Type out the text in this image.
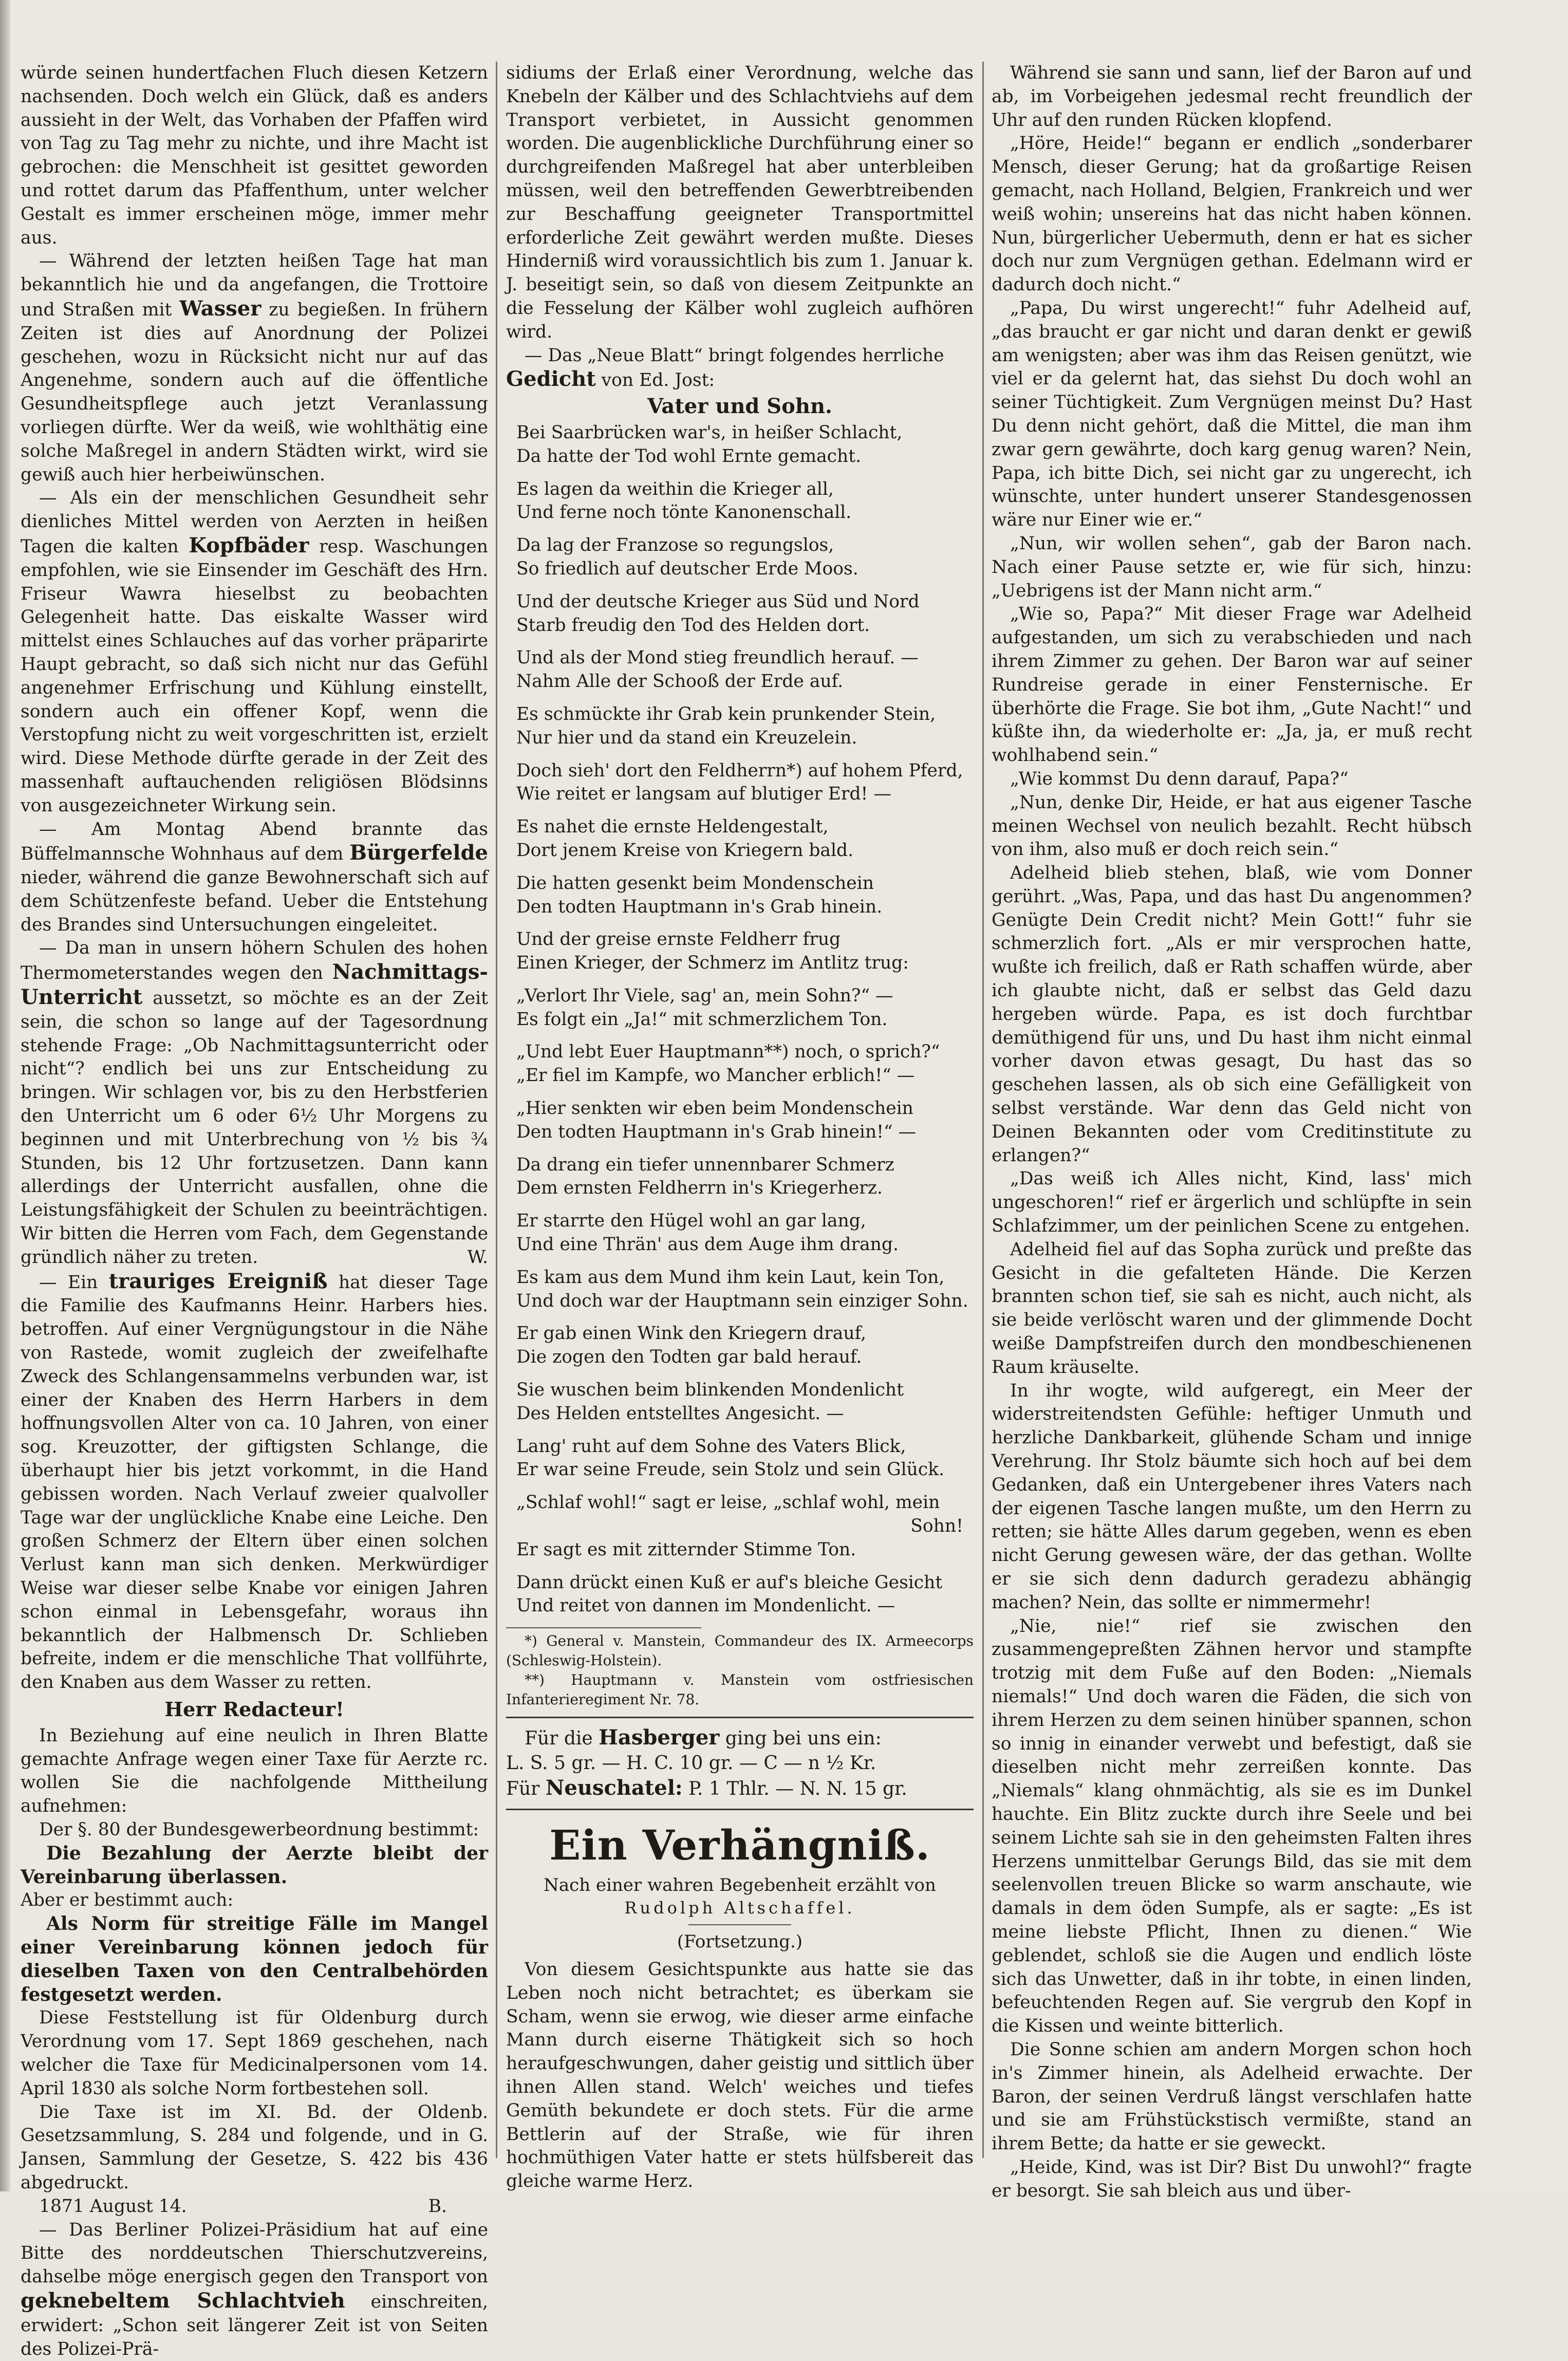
würde seinen hundertfachen Fluch diesen Ketzern nachsenden. Doch welch ein Glück, daß es anders aussieht in der Welt, das Vorhaben der Pfaffen wird von Tag zu Tag mehr zu nichte, und ihre Macht ist gebrochen: die Menschheit ist gesittet geworden und rottet darum das Pfaffenthum, unter welcher Gestalt es immer erscheinen möge, immer mehr aus.

— Während der letzten heißen Tage hat man bekanntlich hie und da angefangen, die Trottoire und Straßen mit Wasser zu begießen. In frühern Zeiten ist dies auf Anordnung der Polizei geschehen, wozu in Rücksicht nicht nur auf das Angenehme, sondern auch auf die öffentliche Gesundheitspflege auch jetzt Veranlassung vorliegen dürfte. Wer da weiß, wie wohlthätig eine solche Maßregel in andern Städten wirkt, wird sie gewiß auch hier herbeiwünschen.

— Als ein der menschlichen Gesundheit sehr dienliches Mittel werden von Aerzten in heißen Tagen die kalten Kopfbäder resp. Waschungen empfohlen, wie sie Einsender im Geschäft des Hrn. Friseur Wawra hieselbst zu beobachten Gelegenheit hatte. Das eiskalte Wasser wird mittelst eines Schlauches auf das vorher präparirte Haupt gebracht, so daß sich nicht nur das Gefühl angenehmer Erfrischung und Kühlung einstellt, sondern auch ein offener Kopf, wenn die Verstopfung nicht zu weit vorgeschritten ist, erzielt wird. Diese Methode dürfte gerade in der Zeit des massenhaft auftauchenden religiösen Blödsinns von ausgezeichneter Wirkung sein.

— Am Montag Abend brannte das Büffelmannsche Wohnhaus auf dem Bürgerfelde nieder, während die ganze Bewohnerschaft sich auf dem Schützenfeste befand. Ueber die Entstehung des Brandes sind Untersuchungen eingeleitet.

— Da man in unsern höhern Schulen des hohen Thermometerstandes wegen den Nachmittags-Unterricht aussetzt, so möchte es an der Zeit sein, die schon so lange auf der Tagesordnung stehende Frage: „Ob Nachmittagsunterricht oder nicht“? endlich bei uns zur Entscheidung zu bringen. Wir schlagen vor, bis zu den Herbstferien den Unterricht um 6 oder 6½ Uhr Morgens zu beginnen und mit Unterbrechung von ½ bis ¾ Stunden, bis 12 Uhr fortzusetzen. Dann kann allerdings der Unterricht ausfallen, ohne die Leistungsfähigkeit der Schulen zu beeinträchtigen. Wir bitten die Herren vom Fach, dem Gegenstande gründlich näher zu treten.	W.

— Ein trauriges Ereigniß hat dieser Tage die Familie des Kaufmanns Heinr. Harbers hies. betroffen. Auf einer Vergnügungstour in die Nähe von Rastede, womit zugleich der zweifelhafte Zweck des Schlangensammelns verbunden war, ist einer der Knaben des Herrn Harbers in dem hoffnungsvollen Alter von ca. 10 Jahren, von einer sog. Kreuzotter, der giftigsten Schlange, die überhaupt hier bis jetzt vorkommt, in die Hand gebissen worden. Nach Verlauf zweier qualvoller Tage war der unglückliche Knabe eine Leiche. Den großen Schmerz der Eltern über einen solchen Verlust kann man sich denken. Merkwürdiger Weise war dieser selbe Knabe vor einigen Jahren schon einmal in Lebensgefahr, woraus ihn bekanntlich der Halbmensch Dr. Schlieben befreite, indem er die menschliche That vollführte, den Knaben aus dem Wasser zu retten.

Herr Redacteur!

In Beziehung auf eine neulich in Ihren Blatte gemachte Anfrage wegen einer Taxe für Aerzte rc. wollen Sie die nachfolgende Mittheilung aufnehmen:

Der §. 80 der Bundesgewerbeordnung bestimmt:

Die Bezahlung der Aerzte bleibt der Vereinbarung überlassen.

Aber er bestimmt auch:

Als Norm für streitige Fälle im Mangel einer Vereinbarung können jedoch für dieselben Taxen von den Centralbehörden festgesetzt werden.

Diese Feststellung ist für Oldenburg durch Verordnung vom 17. Sept 1869 geschehen, nach welcher die Taxe für Medicinalpersonen vom 14. April 1830 als solche Norm fortbestehen soll.

Die Taxe ist im XI. Bd. der Oldenb. Gesetzsammlung, S. 284 und folgende, und in G. Jansen, Sammlung der Gesetze, S. 422 bis 436 abgedruckt.

1871 August 14.	B.

— Das Berliner Polizei-Präsidium hat auf eine Bitte des norddeutschen Thierschutzvereins, dahselbe möge energisch gegen den Transport von geknebeltem Schlachtvieh einschreiten, erwidert: „Schon seit längerer Zeit ist von Seiten des Polizei-Prä-

sidiums der Erlaß einer Verordnung, welche das Knebeln der Kälber und des Schlachtviehs auf dem Transport verbietet, in Aussicht genommen worden. Die augenblickliche Durchführung einer so durchgreifenden Maßregel hat aber unterbleiben müssen, weil den betreffenden Gewerbtreibenden zur Beschaffung geeigneter Transportmittel erforderliche Zeit gewährt werden mußte. Dieses Hinderniß wird voraussichtlich bis zum 1. Januar k. J. beseitigt sein, so daß von diesem Zeitpunkte an die Fesselung der Kälber wohl zugleich aufhören wird.

— Das „Neue Blatt“ bringt folgendes herrliche

Gedicht von Ed. Jost:

Vater und Sohn.

Bei Saarbrücken war's, in heißer Schlacht,

Da hatte der Tod wohl Ernte gemacht.

Es lagen da weithin die Krieger all,

Und ferne noch tönte Kanonenschall.

Da lag der Franzose so regungslos,

So friedlich auf deutscher Erde Moos.

Und der deutsche Krieger aus Süd und Nord

Starb freudig den Tod des Helden dort.

Und als der Mond stieg freundlich herauf. —

Nahm Alle der Schooß der Erde auf.

Es schmückte ihr Grab kein prunkender Stein,

Nur hier und da stand ein Kreuzelein.

Doch sieh' dort den Feldherrn*) auf hohem Pferd,

Wie reitet er langsam auf blutiger Erd! —

Es nahet die ernste Heldengestalt,

Dort jenem Kreise von Kriegern bald.

Die hatten gesenkt beim Mondenschein

Den todten Hauptmann in's Grab hinein.

Und der greise ernste Feldherr frug

Einen Krieger, der Schmerz im Antlitz trug:

„Verlort Ihr Viele, sag' an, mein Sohn?“ —

Es folgt ein „Ja!“ mit schmerzlichem Ton.

„Und lebt Euer Hauptmann**) noch, o sprich?“

„Er fiel im Kampfe, wo Mancher erblich!“ —

„Hier senkten wir eben beim Mondenschein

Den todten Hauptmann in's Grab hinein!“ —

Da drang ein tiefer unnennbarer Schmerz

Dem ernsten Feldherrn in's Kriegerherz.

Er starrte den Hügel wohl an gar lang,

Und eine Thrän' aus dem Auge ihm drang.

Es kam aus dem Mund ihm kein Laut, kein Ton,

Und doch war der Hauptmann sein einziger Sohn.

Er gab einen Wink den Kriegern drauf,

Die zogen den Todten gar bald herauf.

Sie wuschen beim blinkenden Mondenlicht

Des Helden entstelltes Angesicht. —

Lang' ruht auf dem Sohne des Vaters Blick,

Er war seine Freude, sein Stolz und sein Glück.

„Schlaf wohl!“ sagt er leise, „schlaf wohl, mein

Sohn!

Er sagt es mit zitternder Stimme Ton.

Dann drückt einen Kuß er auf's bleiche Gesicht

Und reitet von dannen im Mondenlicht. —

*) General v. Manstein, Commandeur des IX. Armeecorps (Schleswig-Holstein).

**) Hauptmann v. Manstein vom ostfriesischen Infanterieregiment Nr. 78.

Für die Hasberger ging bei uns ein:

L. S. 5 gr. — H. C. 10 gr. — C — n ½ Kr.

Für Neuschatel: P. 1 Thlr. — N. N. 15 gr.

Ein Verhängniß.

Nach einer wahren Begebenheit erzählt von

Rudolph Altschaffel.

(Fortsetzung.)

Von diesem Gesichtspunkte aus hatte sie das Leben noch nicht betrachtet; es überkam sie Scham, wenn sie erwog, wie dieser arme einfache Mann durch eiserne Thätigkeit sich so hoch heraufgeschwungen, daher geistig und sittlich über ihnen Allen stand. Welch' weiches und tiefes Gemüth bekundete er doch stets. Für die arme Bettlerin auf der Straße, wie für ihren hochmüthigen Vater hatte er stets hülfsbereit das gleiche warme Herz.

Während sie sann und sann, lief der Baron auf und ab, im Vorbeigehen jedesmal recht freundlich der Uhr auf den runden Rücken klopfend.

„Höre, Heide!“ begann er endlich „sonderbarer Mensch, dieser Gerung; hat da großartige Reisen gemacht, nach Holland, Belgien, Frankreich und wer weiß wohin; unsereins hat das nicht haben können. Nun, bürgerlicher Uebermuth, denn er hat es sicher doch nur zum Vergnügen gethan. Edelmann wird er dadurch doch nicht.“

„Papa, Du wirst ungerecht!“ fuhr Adelheid auf, „das braucht er gar nicht und daran denkt er gewiß am wenigsten; aber was ihm das Reisen genützt, wie viel er da gelernt hat, das siehst Du doch wohl an seiner Tüchtigkeit. Zum Vergnügen meinst Du? Hast Du denn nicht gehört, daß die Mittel, die man ihm zwar gern gewährte, doch karg genug waren? Nein, Papa, ich bitte Dich, sei nicht gar zu ungerecht, ich wünschte, unter hundert unserer Standesgenossen wäre nur Einer wie er.“

„Nun, wir wollen sehen“, gab der Baron nach. Nach einer Pause setzte er, wie für sich, hinzu: „Uebrigens ist der Mann nicht arm.“

„Wie so, Papa?“ Mit dieser Frage war Adelheid aufgestanden, um sich zu verabschieden und nach ihrem Zimmer zu gehen. Der Baron war auf seiner Rundreise gerade in einer Fensternische. Er überhörte die Frage. Sie bot ihm, „Gute Nacht!“ und küßte ihn, da wiederholte er: „Ja, ja, er muß recht wohlhabend sein.“

„Wie kommst Du denn darauf, Papa?“

„Nun, denke Dir, Heide, er hat aus eigener Tasche meinen Wechsel von neulich bezahlt. Recht hübsch von ihm, also muß er doch reich sein.“

Adelheid blieb stehen, blaß, wie vom Donner gerührt. „Was, Papa, und das hast Du angenommen? Genügte Dein Credit nicht? Mein Gott!“ fuhr sie schmerzlich fort. „Als er mir versprochen hatte, wußte ich freilich, daß er Rath schaffen würde, aber ich glaubte nicht, daß er selbst das Geld dazu hergeben würde. Papa, es ist doch furchtbar demüthigend für uns, und Du hast ihm nicht einmal vorher davon etwas gesagt, Du hast das so geschehen lassen, als ob sich eine Gefälligkeit von selbst verstände. War denn das Geld nicht von Deinen Bekannten oder vom Creditinstitute zu erlangen?“

„Das weiß ich Alles nicht, Kind, lass' mich ungeschoren!“ rief er ärgerlich und schlüpfte in sein Schlafzimmer, um der peinlichen Scene zu entgehen.

Adelheid fiel auf das Sopha zurück und preßte das Gesicht in die gefalteten Hände. Die Kerzen brannten schon tief, sie sah es nicht, auch nicht, als sie beide verlöscht waren und der glimmende Docht weiße Dampfstreifen durch den mondbeschienenen Raum kräuselte.

In ihr wogte, wild aufgeregt, ein Meer der widerstreitendsten Gefühle: heftiger Unmuth und herzliche Dankbarkeit, glühende Scham und innige Verehrung. Ihr Stolz bäumte sich hoch auf bei dem Gedanken, daß ein Untergebener ihres Vaters nach der eigenen Tasche langen mußte, um den Herrn zu retten; sie hätte Alles darum gegeben, wenn es eben nicht Gerung gewesen wäre, der das gethan. Wollte er sie sich denn dadurch geradezu abhängig machen? Nein, das sollte er nimmermehr!

„Nie, nie!“ rief sie zwischen den zusammengepreßten Zähnen hervor und stampfte trotzig mit dem Fuße auf den Boden: „Niemals niemals!“ Und doch waren die Fäden, die sich von ihrem Herzen zu dem seinen hinüber spannen, schon so innig in einander verwebt und befestigt, daß sie dieselben nicht mehr zerreißen konnte. Das „Niemals“ klang ohnmächtig, als sie es im Dunkel hauchte. Ein Blitz zuckte durch ihre Seele und bei seinem Lichte sah sie in den geheimsten Falten ihres Herzens unmittelbar Gerungs Bild, das sie mit dem seelenvollen treuen Blicke so warm anschaute, wie damals in dem öden Sumpfe, als er sagte: „Es ist meine liebste Pflicht, Ihnen zu dienen.“ Wie geblendet, schloß sie die Augen und endlich löste sich das Unwetter, daß in ihr tobte, in einen linden, befeuchtenden Regen auf. Sie vergrub den Kopf in die Kissen und weinte bitterlich.

Die Sonne schien am andern Morgen schon hoch in's Zimmer hinein, als Adelheid erwachte. Der Baron, der seinen Verdruß längst verschlafen hatte und sie am Frühstückstisch vermißte, stand an ihrem Bette; da hatte er sie geweckt.

„Heide, Kind, was ist Dir? Bist Du unwohl?“ fragte er besorgt. Sie sah bleich aus und über-
